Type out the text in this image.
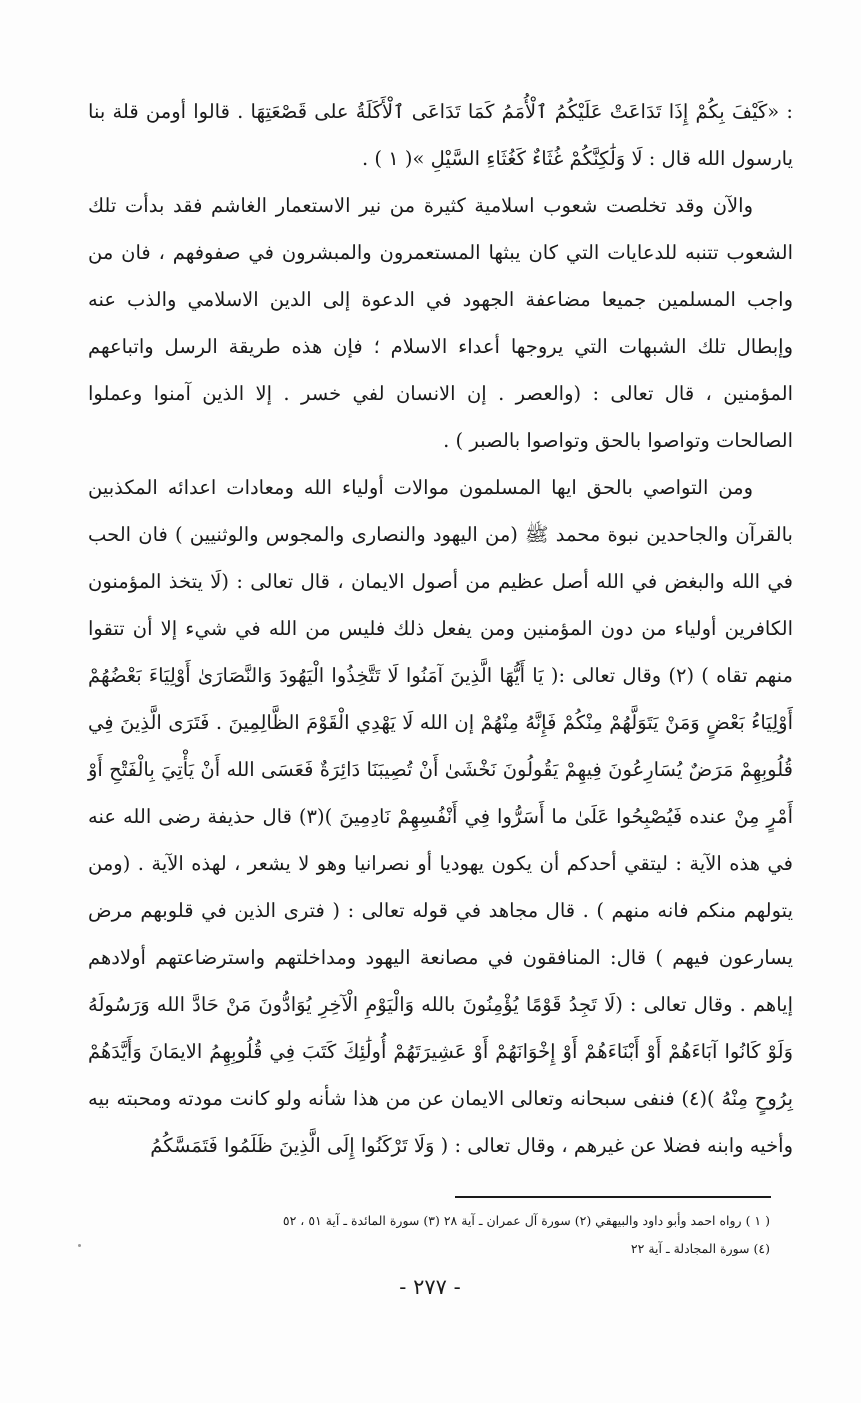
: «كَيْفَ بِكُمْ إِذَا تَدَاعَتْ عَلَيْكُمُ ٱلْأُمَمُ كَمَا تَدَاعَى ٱلْأَكَلَةُ على قَصْعَتِهَا . قالوا أومن قلة بنا يارسول الله قال : لَا وَلَٰكِنَّكُمْ غُثَاءٌ كَغُثَاءِ السَّيْلِ »( ١ ) .

والآن وقد تخلصت شعوب اسلامية كثيرة من نير الاستعمار الغاشم فقد بدأت تلك الشعوب تتنبه للدعايات التي كان يبثها المستعمرون والمبشرون في صفوفهم ، فان من واجب المسلمين جميعا مضاعفة الجهود في الدعوة إلى الدين الاسلامي والذب عنه وإبطال تلك الشبهات التي يروجها أعداء الاسلام ؛ فإن هذه طريقة الرسل واتباعهم المؤمنين ، قال تعالى : (والعصر . إن الانسان لفي خسر . إلا الذين آمنوا وعملوا الصالحات وتواصوا بالحق وتواصوا بالصبر ) .

ومن التواصي بالحق ايها المسلمون موالات أولياء الله ومعادات اعدائه المكذبين بالقرآن والجاحدين نبوة محمد ﷺ (من اليهود والنصارى والمجوس والوثنيين ) فان الحب في الله والبغض في الله أصل عظيم من أصول الايمان ، قال تعالى : (لَا يتخذ المؤمنون الكافرين أولياء من دون المؤمنين ومن يفعل ذلك فليس من الله في شيء إلا أن تتقوا منهم تقاه ) (٢) وقال تعالى :( يَا أَيُّهَا الَّذِينَ آمَنُوا لَا تَتَّخِذُوا الْيَهُودَ وَالنَّصَارَىٰ أَوْلِيَاءَ بَعْضُهُمْ أَوْلِيَاءُ بَعْضٍ وَمَنْ يَتَوَلَّهُمْ مِنْكُمْ فَإِنَّهُ مِنْهُمْ إن الله لَا يَهْدِي الْقَوْمَ الظَّالِمِينَ . فَتَرَى الَّذِينَ فِي قُلُوبِهِمْ مَرَضٌ يُسَارِعُونَ فِيهِمْ يَقُولُونَ نَخْشَىٰ أَنْ تُصِيبَنَا دَائِرَةٌ فَعَسَى الله أَنْ يَأْتِيَ بِالْفَتْحِ أَوْ أَمْرٍ مِنْ عنده فَيُصْبِحُوا عَلَىٰ ما أَسَرُّوا فِي أَنْفُسِهِمْ نَادِمِينَ )(٣) قال حذيفة رضى الله عنه في هذه الآية : ليتقي أحدكم أن يكون يهوديا أو نصرانيا وهو لا يشعر ، لهذه الآية . (ومن يتولهم منكم فانه منهم ) . قال مجاهد في قوله تعالى : ( فترى الذين في قلوبهم مرض يسارعون فيهم ) قال: المنافقون في مصانعة اليهود ومداخلتهم واسترضاعتهم أولادهم إياهم . وقال تعالى : (لَا تَجِدُ قَوْمًا يُؤْمِنُونَ بالله وَالْيَوْمِ الْآخِرِ يُوَادُّونَ مَنْ حَادَّ الله وَرَسُولَهُ وَلَوْ كَانُوا آبَاءَهُمْ أَوْ أَبْنَاءَهُمْ أَوْ إِخْوَانَهُمْ أَوْ عَشِيرَتَهُمْ أُولَٰئِكَ كَتَبَ فِي قُلُوبِهِمُ الايمَانَ وَأَيَّدَهُمْ بِرُوحٍ مِنْهُ )(٤) فنفى سبحانه وتعالى الايمان عن من هذا شأنه ولو كانت مودته ومحبته بيه وأخيه وابنه فضلا عن غيرهم ، وقال تعالى : ( وَلَا تَرْكَنُوا إِلَى الَّذِينَ ظَلَمُوا فَتَمَسَّكُمُ

( ١ ) رواه احمد وأبو داود والبيهقي (٢) سورة آل عمران ـ آية ٢٨ (٣) سورة المائدة ـ آية ٥١ ، ٥٢
(٤) سورة المجادلة ـ آية ٢٢
- ٢٧٧ -
